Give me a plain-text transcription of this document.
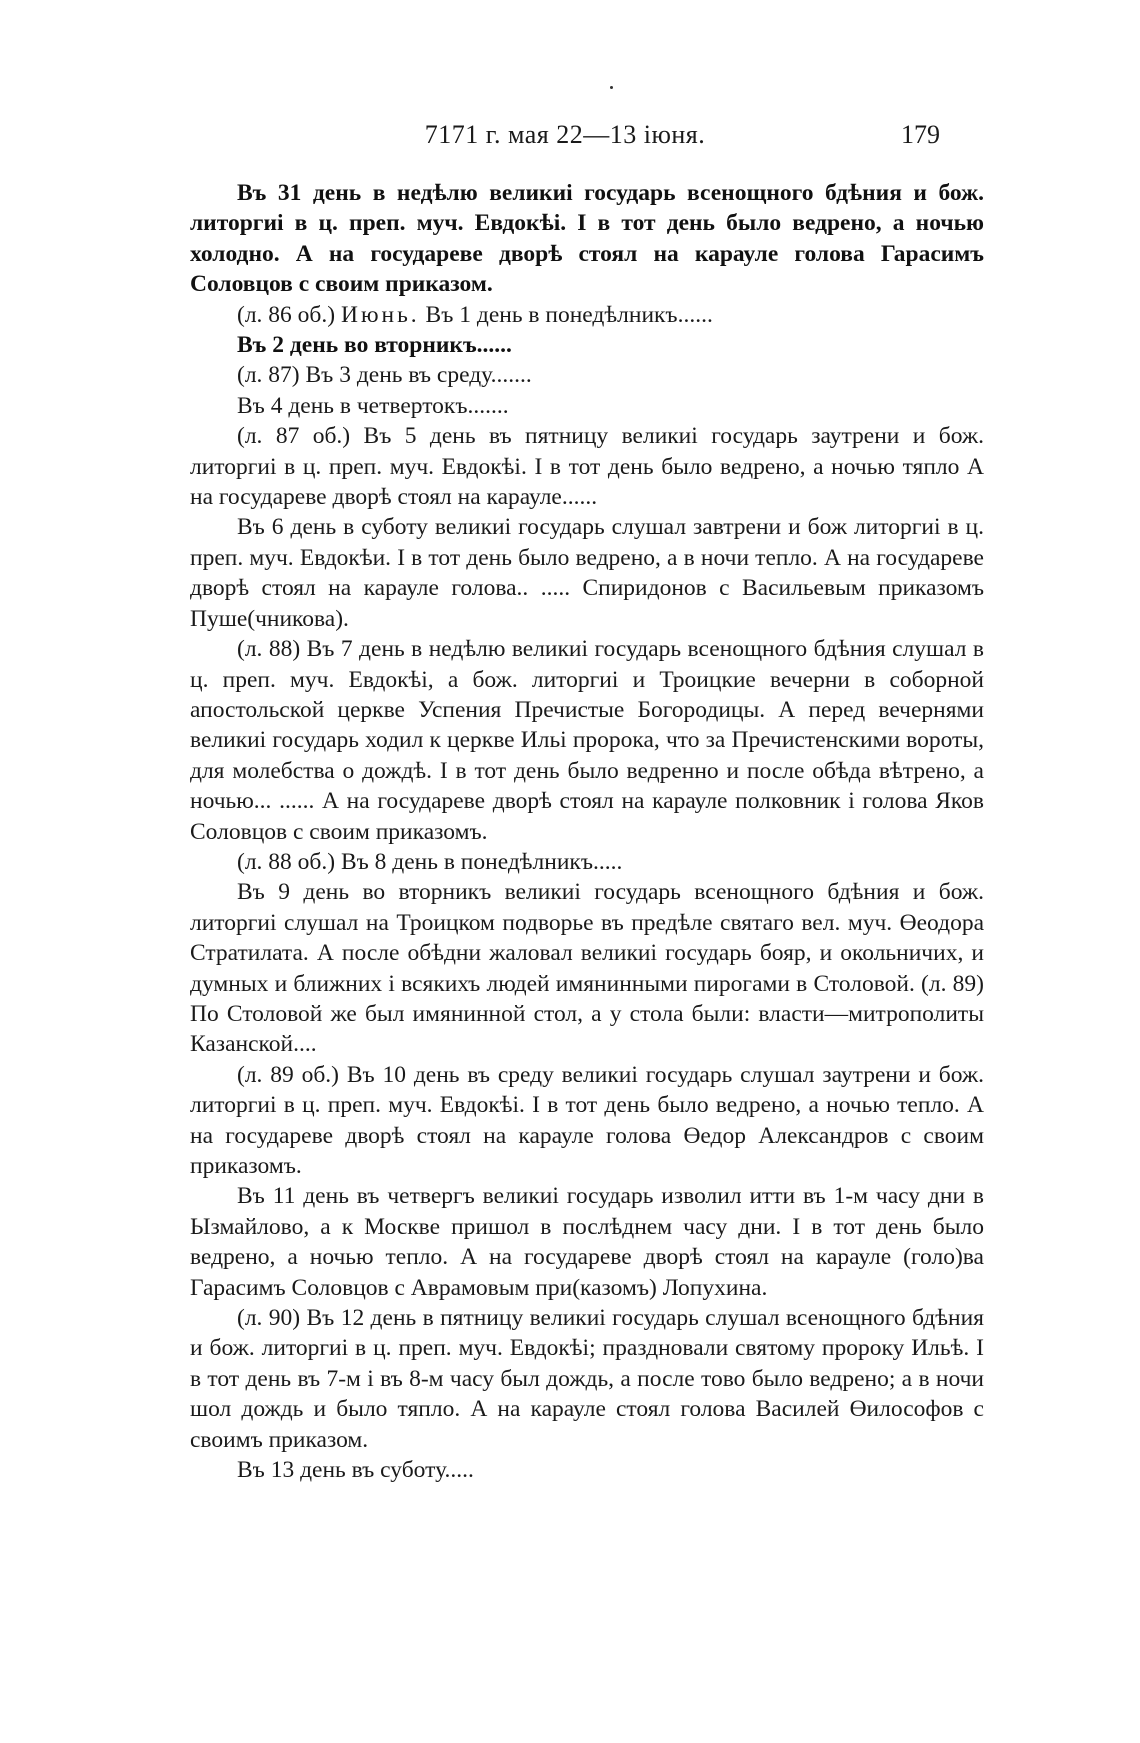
7171 г. мая 22—13 іюня.	179

Въ 31 день в недѣлю великиі государь всенощного бдѣния и бож. литоргиі в ц. преп. муч. Евдокѣі. I в тот день было ведрено, а ночью холодно. А на государеве дворѣ стоял на карауле голова Гарасимъ Соловцов с своим приказом.

(л. 86 об.) Июнь. Въ 1 день в понедѣлникъ......

Въ 2 день во вторникъ......

(л. 87) Въ 3 день въ среду.......

Въ 4 день в четвертокъ.......

(л. 87 об.) Въ 5 день въ пятницу великиі государь заутрени и бож. литоргиі в ц. преп. муч. Евдокѣі. I в тот день было ведрено, а ночью тяпло А на государеве дворѣ стоял на карауле......

Въ 6 день в суботу великиі государь слушал завтрени и бож литоргиі в ц. преп. муч. Евдокѣи. I в тот день было ведрено, а в ночи тепло. А на государеве дворѣ стоял на карауле голова.. ..... Спиридонов с Васильевым приказомъ Пуше(чникова).

(л. 88) Въ 7 день в недѣлю великиі государь всенощного бдѣния слушал в ц. преп. муч. Евдокѣі, а бож. литоргиі и Троицкие вечерни в соборной апостольской церкве Успения Пречистые Богородицы. А перед вечернями великиі государь ходил к церкве Ильі пророка, что за Пречистенскими вороты, для молебства о дождѣ. I в тот день было ведренно и после обѣда вѣтрено, а ночью... ...... А на государеве дворѣ стоял на карауле полковник і голова Яков Соловцов с своим приказомъ.

(л. 88 об.) Въ 8 день в понедѣлникъ.....

Въ 9 день во вторникъ великиі государь всенощного бдѣния и бож. литоргиі слушал на Троицком подворье въ предѣле святаго вел. муч. Өеодора Стратилата. А после обѣдни жаловал великиі государь бояр, и окольничих, и думных и ближних і всякихъ людей имянинными пирогами в Столовой. (л. 89) По Столовой же был имянинной стол, а у стола были: власти—митрополиты Казанской....

(л. 89 об.) Въ 10 день въ среду великиі государь слушал заутрени и бож. литоргиі в ц. преп. муч. Евдокѣі. I в тот день было ведрено, а ночью тепло. А на государеве дворѣ стоял на карауле голова Өедор Александров с своим приказомъ.

Въ 11 день въ четвергъ великиі государь изволил итти въ 1-м часу дни в Ызмайлово, а к Москве пришол в послѣднем часу дни. I в тот день было ведрено, а ночью тепло. А на государеве дворѣ стоял на карауле (голо)ва Гарасимъ Соловцов с Аврамовым при(казомъ) Лопухина.

(л. 90) Въ 12 день в пятницу великиі государь слушал всенощного бдѣния и бож. литоргиі в ц. преп. муч. Евдокѣі; праздновали святому пророку Ильѣ. I в тот день въ 7-м і въ 8-м часу был дождь, а после тово было ведрено; а в ночи шол дождь и было тяпло. А на карауле стоял голова Василей Өилософов с своимъ приказом.

Въ 13 день въ суботу.....
